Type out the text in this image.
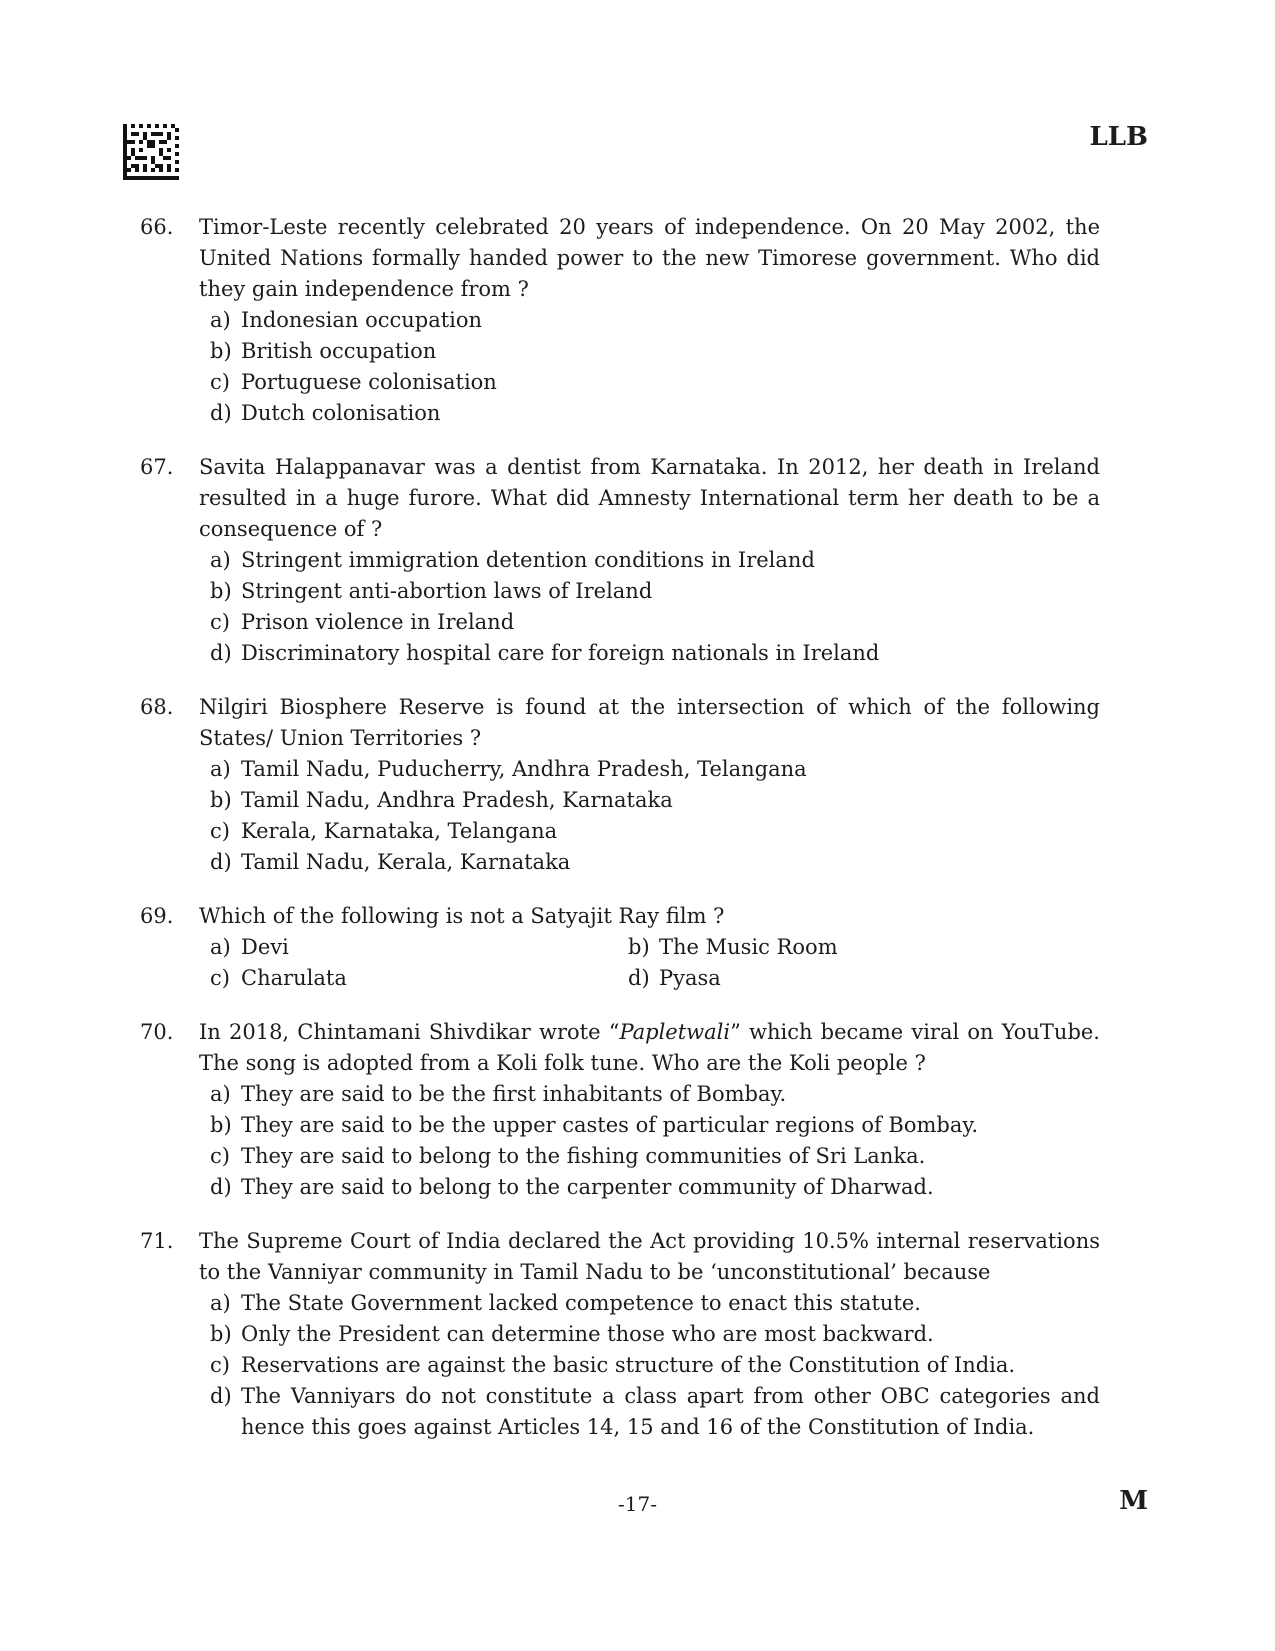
LLB
66. Timor-Leste recently celebrated 20 years of independence. On 20 May 2002, the United Nations formally handed power to the new Timorese government. Who did they gain independence from ?
a) Indonesian occupation
b) British occupation
c) Portuguese colonisation
d) Dutch colonisation
67. Savita Halappanavar was a dentist from Karnataka. In 2012, her death in Ireland resulted in a huge furore. What did Amnesty International term her death to be a consequence of ?
a) Stringent immigration detention conditions in Ireland
b) Stringent anti-abortion laws of Ireland
c) Prison violence in Ireland
d) Discriminatory hospital care for foreign nationals in Ireland
68. Nilgiri Biosphere Reserve is found at the intersection of which of the following States/ Union Territories ?
a) Tamil Nadu, Puducherry, Andhra Pradesh, Telangana
b) Tamil Nadu, Andhra Pradesh, Karnataka
c) Kerala, Karnataka, Telangana
d) Tamil Nadu, Kerala, Karnataka
69. Which of the following is not a Satyajit Ray film ?
a) Devi	b) The Music Room
c) Charulata	d) Pyasa
70. In 2018, Chintamani Shivdikar wrote “Papletwali” which became viral on YouTube. The song is adopted from a Koli folk tune. Who are the Koli people ?
a) They are said to be the first inhabitants of Bombay.
b) They are said to be the upper castes of particular regions of Bombay.
c) They are said to belong to the fishing communities of Sri Lanka.
d) They are said to belong to the carpenter community of Dharwad.
71. The Supreme Court of India declared the Act providing 10.5% internal reservations to the Vanniyar community in Tamil Nadu to be ‘unconstitutional’ because
a) The State Government lacked competence to enact this statute.
b) Only the President can determine those who are most backward.
c) Reservations are against the basic structure of the Constitution of India.
d) The Vanniyars do not constitute a class apart from other OBC categories and hence this goes against Articles 14, 15 and 16 of the Constitution of India.
-17-	M
